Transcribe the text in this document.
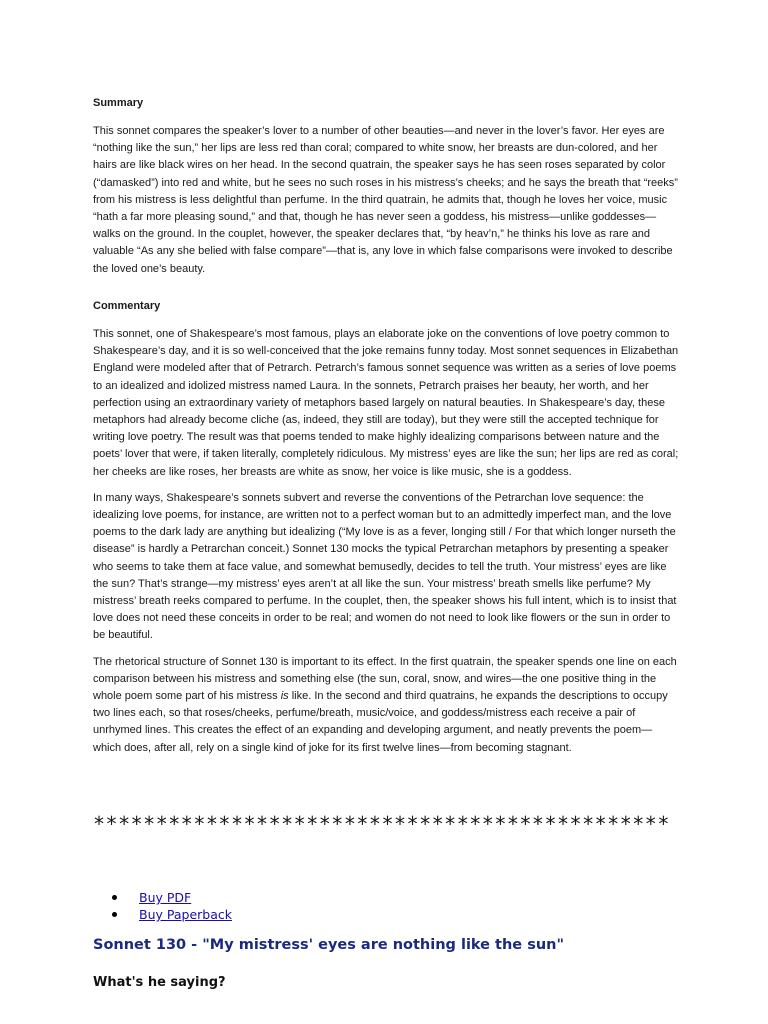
Summary

This sonnet compares the speaker’s lover to a number of other beauties—and never in the lover’s favor. Her eyes are “nothing like the sun,” her lips are less red than coral; compared to white snow, her breasts are dun-colored, and her hairs are like black wires on her head. In the second quatrain, the speaker says he has seen roses separated by color (“damasked”) into red and white, but he sees no such roses in his mistress’s cheeks; and he says the breath that “reeks” from his mistress is less delightful than perfume. In the third quatrain, he admits that, though he loves her voice, music “hath a far more pleasing sound,” and that, though he has never seen a goddess, his mistress—unlike goddesses—walks on the ground. In the couplet, however, the speaker declares that, “by heav’n,” he thinks his love as rare and valuable “As any she belied with false compare”—that is, any love in which false comparisons were invoked to describe the loved one’s beauty.

Commentary

This sonnet, one of Shakespeare’s most famous, plays an elaborate joke on the conventions of love poetry common to Shakespeare’s day, and it is so well-conceived that the joke remains funny today. Most sonnet sequences in Elizabethan England were modeled after that of Petrarch. Petrarch’s famous sonnet sequence was written as a series of love poems to an idealized and idolized mistress named Laura. In the sonnets, Petrarch praises her beauty, her worth, and her perfection using an extraordinary variety of metaphors based largely on natural beauties. In Shakespeare’s day, these metaphors had already become cliche (as, indeed, they still are today), but they were still the accepted technique for writing love poetry. The result was that poems tended to make highly idealizing comparisons between nature and the poets’ lover that were, if taken literally, completely ridiculous. My mistress’ eyes are like the sun; her lips are red as coral; her cheeks are like roses, her breasts are white as snow, her voice is like music, she is a goddess.

In many ways, Shakespeare’s sonnets subvert and reverse the conventions of the Petrarchan love sequence: the idealizing love poems, for instance, are written not to a perfect woman but to an admittedly imperfect man, and the love poems to the dark lady are anything but idealizing (“My love is as a fever, longing still / For that which longer nurseth the disease” is hardly a Petrarchan conceit.) Sonnet 130 mocks the typical Petrarchan metaphors by presenting a speaker who seems to take them at face value, and somewhat bemusedly, decides to tell the truth. Your mistress’ eyes are like the sun? That’s strange—my mistress’ eyes aren’t at all like the sun. Your mistress’ breath smells like perfume? My mistress’ breath reeks compared to perfume. In the couplet, then, the speaker shows his full intent, which is to insist that love does not need these conceits in order to be real; and women do not need to look like flowers or the sun in order to be beautiful.

The rhetorical structure of Sonnet 130 is important to its effect. In the first quatrain, the speaker spends one line on each comparison between his mistress and something else (the sun, coral, snow, and wires—the one positive thing in the whole poem some part of his mistress is like. In the second and third quatrains, he expands the descriptions to occupy two lines each, so that roses/cheeks, perfume/breath, music/voice, and goddess/mistress each receive a pair of unrhymed lines. This creates the effect of an expanding and developing argument, and neatly prevents the poem—which does, after all, rely on a single kind of joke for its first twelve lines—from becoming stagnant.

**********************************************
Buy PDF
Buy Paperback
Sonnet 130 - "My mistress' eyes are nothing like the sun"
What's he saying?
